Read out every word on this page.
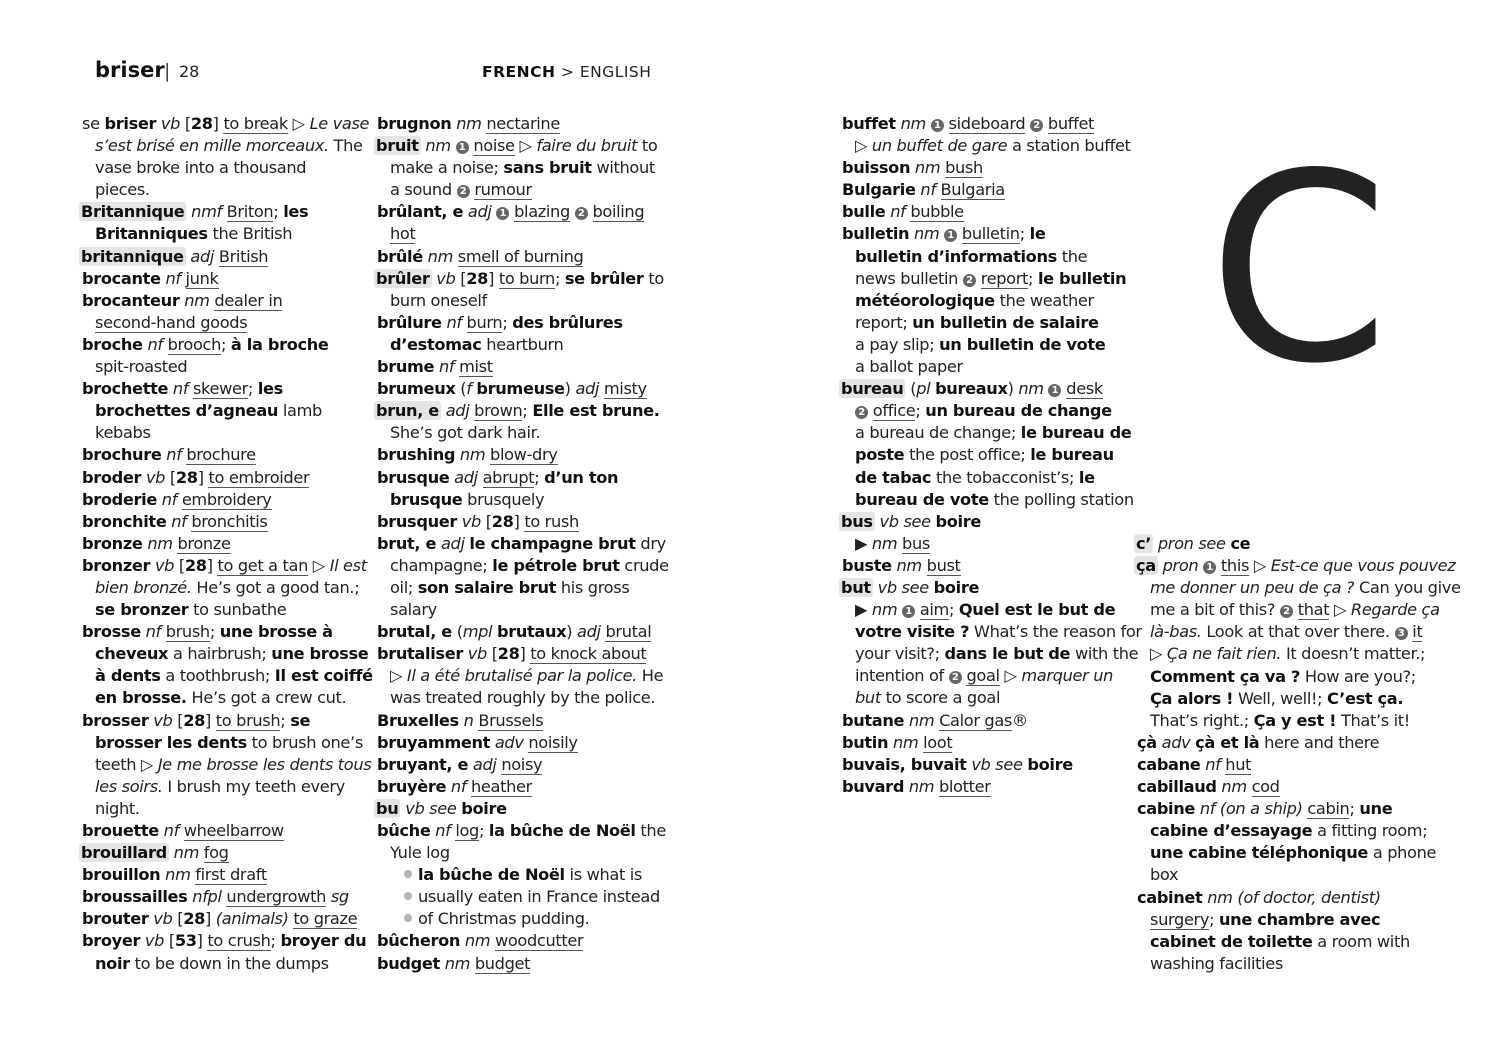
briser | 28	FRENCH > ENGLISH
C
se briser vb [28] to break ▷ Le vase
s’est brisé en mille morceaux. The
vase broke into a thousand
pieces.
Britannique nmf Briton; les
Britanniques the British
britannique adj British
brocante nf junk
brocanteur nm dealer in
second-hand goods
broche nf brooch; à la broche
spit-roasted
brochette nf skewer; les
brochettes d’agneau lamb
kebabs
brochure nf brochure
broder vb [28] to embroider
broderie nf embroidery
bronchite nf bronchitis
bronze nm bronze
bronzer vb [28] to get a tan ▷ Il est
bien bronzé. He’s got a good tan.;
se bronzer to sunbathe
brosse nf brush; une brosse à
cheveux a hairbrush; une brosse
à dents a toothbrush; Il est coiffé
en brosse. He’s got a crew cut.
brosser vb [28] to brush; se
brosser les dents to brush one’s
teeth ▷ Je me brosse les dents tous
les soirs. I brush my teeth every
night.
brouette nf wheelbarrow
brouillard nm fog
brouillon nm first draft
broussailles nfpl undergrowth sg
brouter vb [28] (animals) to graze
broyer vb [53] to crush; broyer du
noir to be down in the dumps
brugnon nm nectarine
bruit nm 1 noise ▷ faire du bruit to
make a noise; sans bruit without
a sound 2 rumour
brûlant, e adj 1 blazing 2 boiling
hot
brûlé nm smell of burning
brûler vb [28] to burn; se brûler to
burn oneself
brûlure nf burn; des brûlures
d’estomac heartburn
brume nf mist
brumeux (f brumeuse) adj misty
brun, e adj brown; Elle est brune.
She’s got dark hair.
brushing nm blow-dry
brusque adj abrupt; d’un ton
brusque brusquely
brusquer vb [28] to rush
brut, e adj le champagne brut dry
champagne; le pétrole brut crude
oil; son salaire brut his gross
salary
brutal, e (mpl brutaux) adj brutal
brutaliser vb [28] to knock about
▷ Il a été brutalisé par la police. He
was treated roughly by the police.
Bruxelles n Brussels
bruyamment adv noisily
bruyant, e adj noisy
bruyère nf heather
bu vb see boire
bûche nf log; la bûche de Noël the
Yule log
la bûche de Noël is what is
usually eaten in France instead
of Christmas pudding.
bûcheron nm woodcutter
budget nm budget
buffet nm 1 sideboard 2 buffet
▷ un buffet de gare a station buffet
buisson nm bush
Bulgarie nf Bulgaria
bulle nf bubble
bulletin nm 1 bulletin; le
bulletin d’informations the
news bulletin 2 report; le bulletin
météorologique the weather
report; un bulletin de salaire
a pay slip; un bulletin de vote
a ballot paper
bureau (pl bureaux) nm 1 desk
2 office; un bureau de change
a bureau de change; le bureau de
poste the post office; le bureau
de tabac the tobacconist’s; le
bureau de vote the polling station
bus vb see boire
▶ nm bus
buste nm bust
but vb see boire
▶ nm 1 aim; Quel est le but de
votre visite ? What’s the reason for
your visit?; dans le but de with the
intention of 2 goal ▷ marquer un
but to score a goal
butane nm Calor gas®
butin nm loot
buvais, buvait vb see boire
buvard nm blotter
c’ pron see ce
ça pron 1 this ▷ Est-ce que vous pouvez
me donner un peu de ça ? Can you give
me a bit of this? 2 that ▷ Regarde ça
là-bas. Look at that over there. 3 it
▷ Ça ne fait rien. It doesn’t matter.;
Comment ça va ? How are you?;
Ça alors ! Well, well!; C’est ça.
That’s right.; Ça y est ! That’s it!
çà adv çà et là here and there
cabane nf hut
cabillaud nm cod
cabine nf (on a ship) cabin; une
cabine d’essayage a fitting room;
une cabine téléphonique a phone
box
cabinet nm (of doctor, dentist)
surgery; une chambre avec
cabinet de toilette a room with
washing facilities
